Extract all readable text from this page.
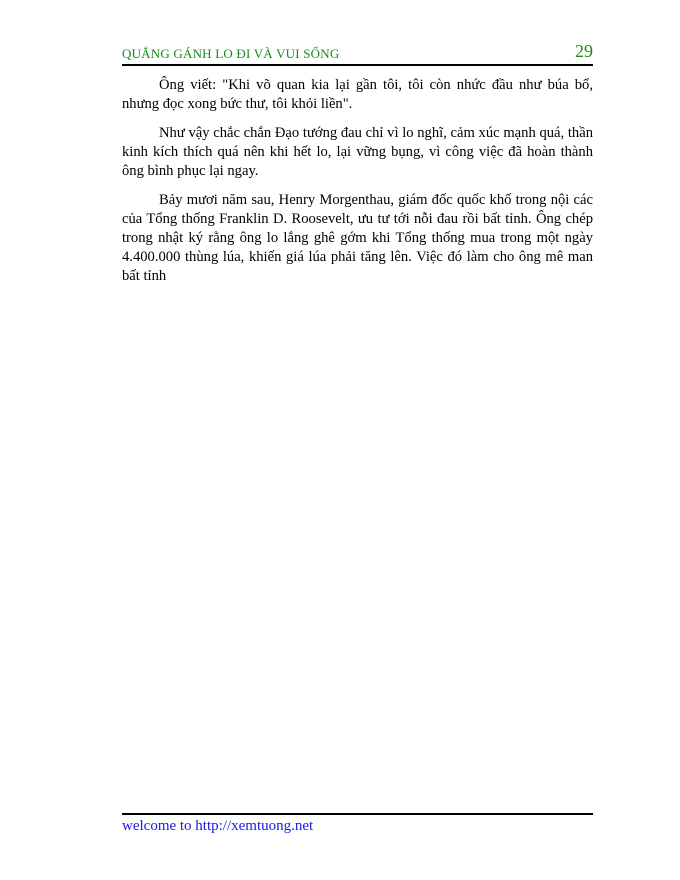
QUẲNG GÁNH LO ĐI VÀ VUI SỐNG	29

Ông viết: "Khi võ quan kia lại gần tôi, tôi còn nhức đầu như búa bổ, nhưng đọc xong bức thư, tôi khỏi liền".

Như vậy chắc chắn Đạo tướng đau chỉ vì lo nghĩ, cảm xúc mạnh quá, thần kinh kích thích quá nên khi hết lo, lại vững bụng, vì công việc đã hoàn thành ông bình phục lại ngay.

Bảy mươi năm sau, Henry Morgenthau, giám đốc quốc khố trong nội các của Tổng thống Franklin D. Roosevelt, ưu tư tới nỗi đau rồi bất tỉnh. Ông chép trong nhật ký rằng ông lo lắng ghê gớm khi Tổng thống mua trong một ngày 4.400.000 thùng lúa, khiến giá lúa phải tăng lên. Việc đó làm cho ông mê man bất tỉnh

welcome to http://xemtuong.net
